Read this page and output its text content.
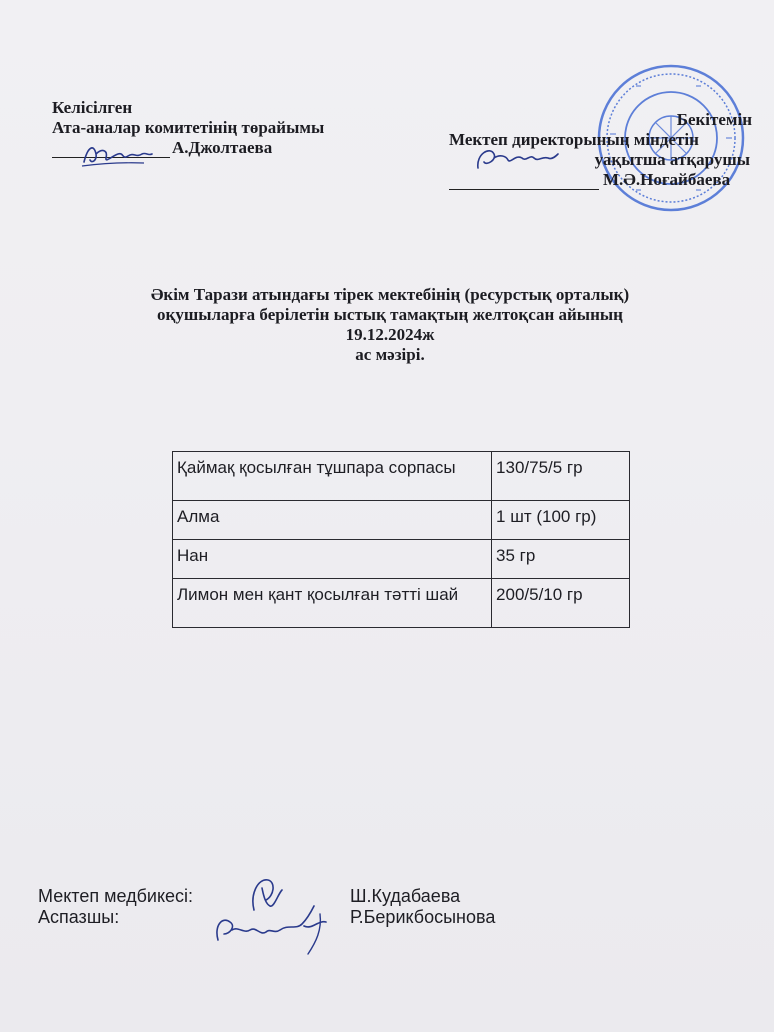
Келісілген
Ата-аналар комитетінің төрайымы
А.Джолтаева
Бекітемін
Мектеп директорының міндетін
уақытша атқарушы
М.Ә.Ноғайбаева
Әкім Тарази атындағы тірек мектебінің (ресурстық орталық)
оқушыларға берілетін ыстық тамақтың желтоқсан айының
19.12.2024ж
ас мәзірі.
Қаймақ қосылған тұшпара сорпасы	130/75/5 гр
Алма	1 шт (100 гр)
Нан	35 гр
Лимон мен қант қосылған тәтті шай	200/5/10 гр
Мектеп медбикесі:	Ш.Кудабаева
Аспазшы:	Р.Берикбосынова
